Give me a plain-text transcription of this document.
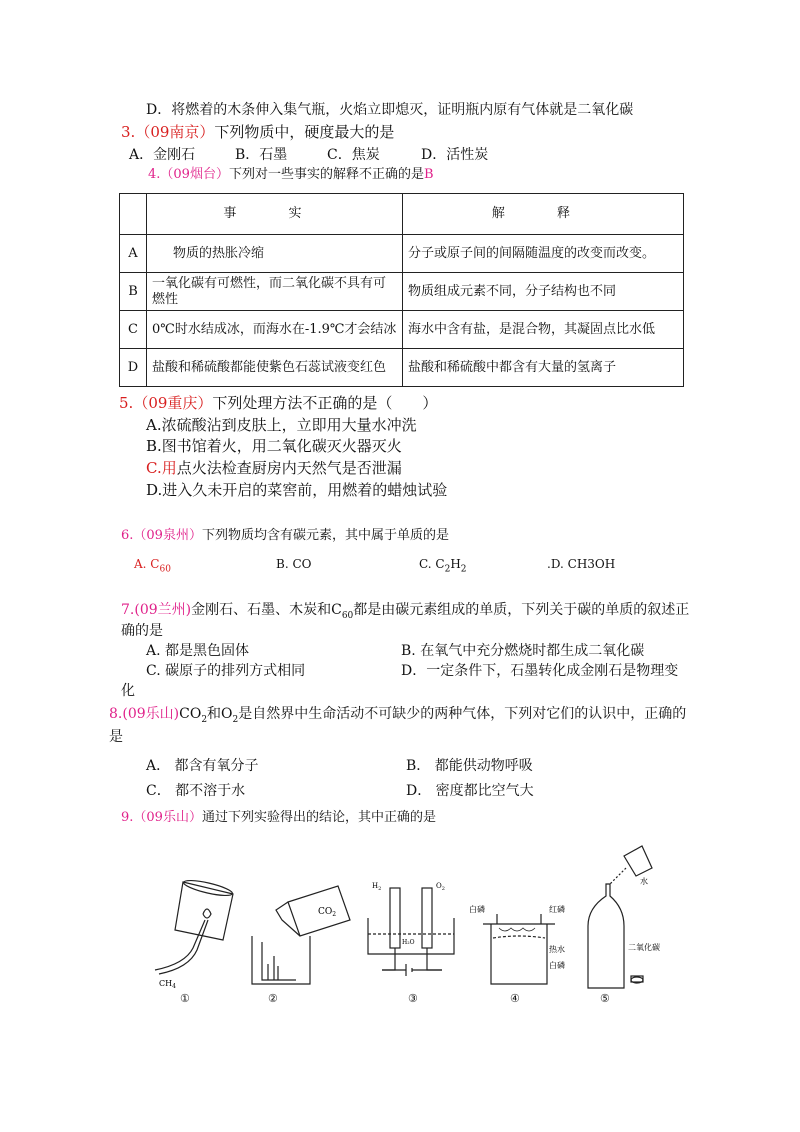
D．将燃着的木条伸入集气瓶，火焰立即熄灭，证明瓶内原有气体就是二氧化碳
3.（09南京）下列物质中，硬度最大的是
A．金刚石	B．石墨	C．焦炭	D．活性炭
4.（09烟台）下列对一些事实的解释不正确的是B
	事 实	解 释
A	物质的热胀冷缩	分子或原子间的间隔随温度的改变而改变。
B	一氧化碳有可燃性，而二氧化碳不具有可燃性	物质组成元素不同，分子结构也不同
C	0℃时水结成冰，而海水在-1.9℃才会结冰	海水中含有盐，是混合物，其凝固点比水低
D	盐酸和稀硫酸都能使紫色石蕊试液变红色	盐酸和稀硫酸中都含有大量的氢离子
5.（09重庆）下列处理方法不正确的是（　　）
A.浓硫酸沾到皮肤上，立即用大量水冲洗
B.图书馆着火，用二氧化碳灭火器灭火
C.用点火法检查厨房内天然气是否泄漏
D.进入久未开启的菜窖前，用燃着的蜡烛试验
6.（09泉州）下列物质均含有碳元素，其中属于单质的是
A. $C_{60}$	B. CO	C. $C_2H_2$	.D. CH3OH
7.(09兰州)金刚石、石墨、木炭和$C_{60}$都是由碳元素组成的单质，下列关于碳的单质的叙述正
确的是
A. 都是黑色固体	B. 在氧气中充分燃烧时都生成二氧化碳
C. 碳原子的排列方式相同	D．一定条件下，石墨转化成金刚石是物理变
化
8.(09乐山)$CO_2$和$O_2$是自然界中生命活动不可缺少的两种气体，下列对它们的认识中，正确的
是
A． 都含有氧分子	B． 都能供动物呼吸
C． 都不溶于水	D． 密度都比空气大
9.（09乐山）通过下列实验得出的结论，其中正确的是
$CH_4$
①
$CO_2$
②
$H_2$	$O_2$
H₂O
③
白磷	红磷
热水
白磷
④
水
二氧化碳
⑤
